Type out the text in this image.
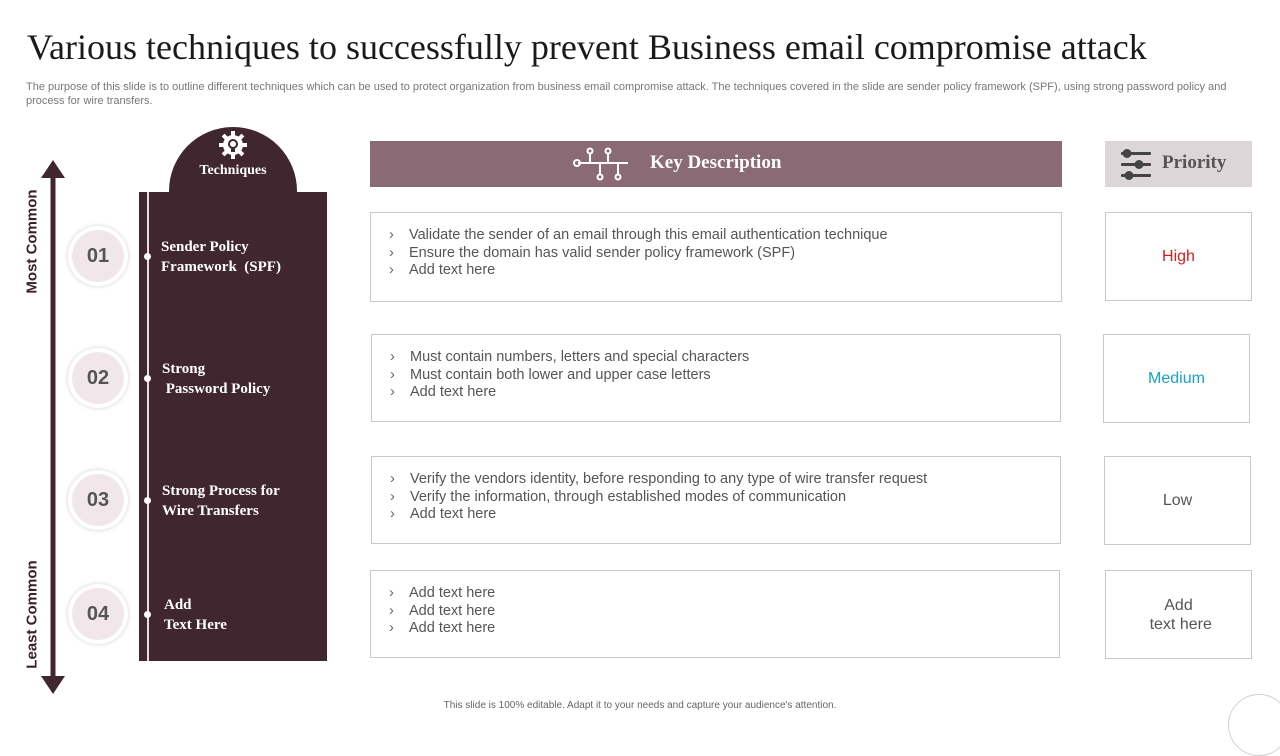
Various techniques to successfully prevent Business email compromise attack
The purpose of this slide is to outline different techniques which can be used to protect organization from business email compromise attack. The techniques covered in the slide are sender policy framework (SPF), using strong password policy and process for wire transfers.
Most Common
Least Common
Techniques
Sender Policy
Framework  (SPF)
Strong
Password Policy
Strong Process for
Wire Transfers
Add
Text Here
01
02
03
04
Key Description	Priority
› Validate the sender of an email through this email authentication technique
› Ensure the domain has valid sender policy framework (SPF)
› Add text here
› Must contain numbers, letters and special characters
› Must contain both lower and upper case letters
› Add text here
› Verify the vendors identity, before responding to any type of wire transfer request
› Verify the information, through established modes of communication
› Add text here
› Add text here
› Add text here
› Add text here
High
Medium
Low
Add
text here
This slide is 100% editable. Adapt it to your needs and capture your audience's attention.
